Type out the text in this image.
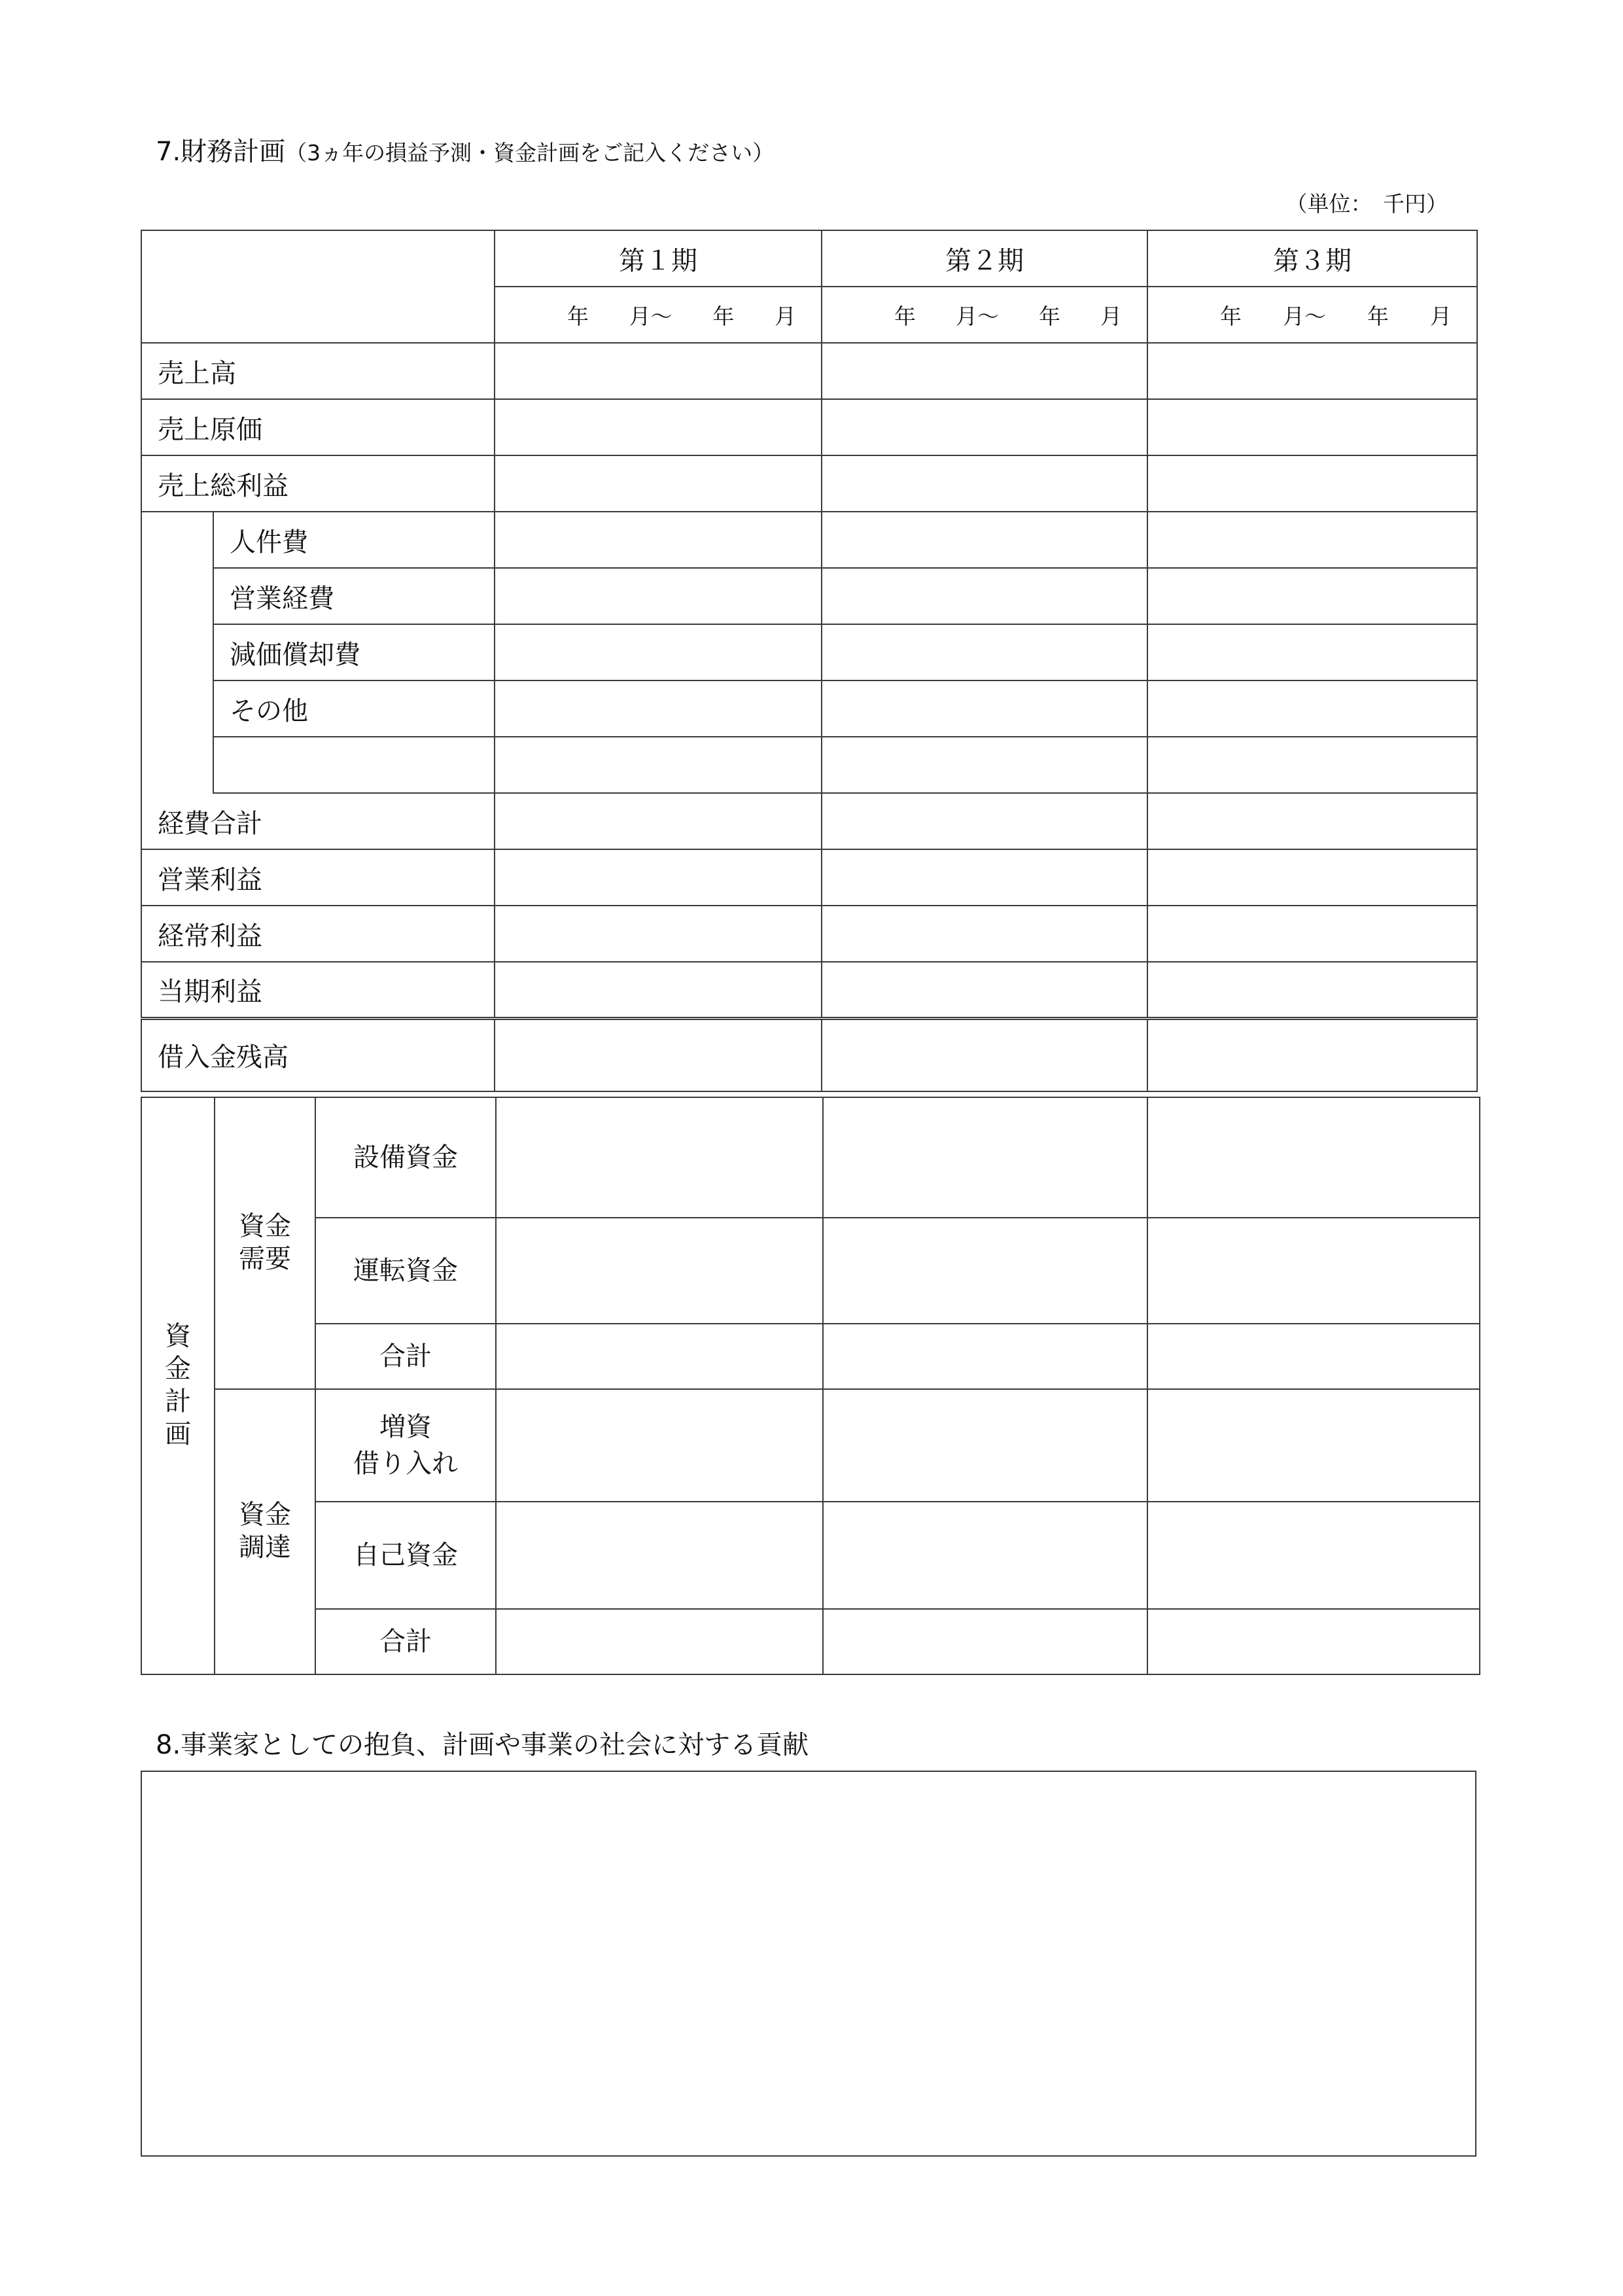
7.財務計画（3ヵ年の損益予測・資金計画をご記入ください）
（単位：　千円）
		第１期	第２期	第３期

		年 月〜 年 月	年 月〜 年 月	年 月〜 年 月

売上高				
売上原価				
売上総利益				
	人件費			
	営業経費			
	減価償却費			
	その他			

経費合計				
営業利益				
経常利益				
当期利益				
借入金残高				
資金計画	資金需要	設備資金			
		運転資金			
		合計			
	資金調達	増資
借り入れ			
		自己資金			
		合計			
8.事業家としての抱負、計画や事業の社会に対する貢献
